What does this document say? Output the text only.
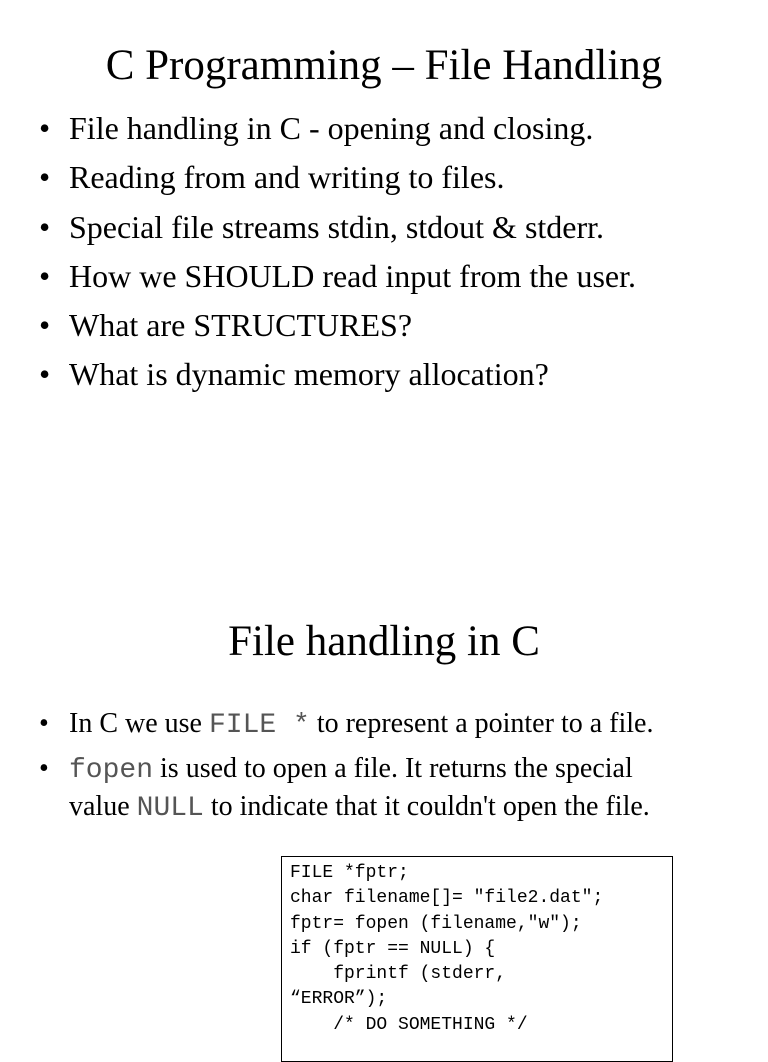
C Programming – File Handling
• File handling in C - opening and closing.
• Reading from and writing to files.
• Special file streams stdin, stdout & stderr.
• How we SHOULD read input from the user.
• What are STRUCTURES?
• What is dynamic memory allocation?
File handling in C
• In C we use FILE * to represent a pointer to a file.
• fopen is used to open a file. It returns the special
value NULL to indicate that it couldn't open the file.
FILE *fptr;
char filename[]= "file2.dat";
fptr= fopen (filename,"w");
if (fptr == NULL) {
fprintf (stderr,
“ERROR”);
/* DO SOMETHING */
